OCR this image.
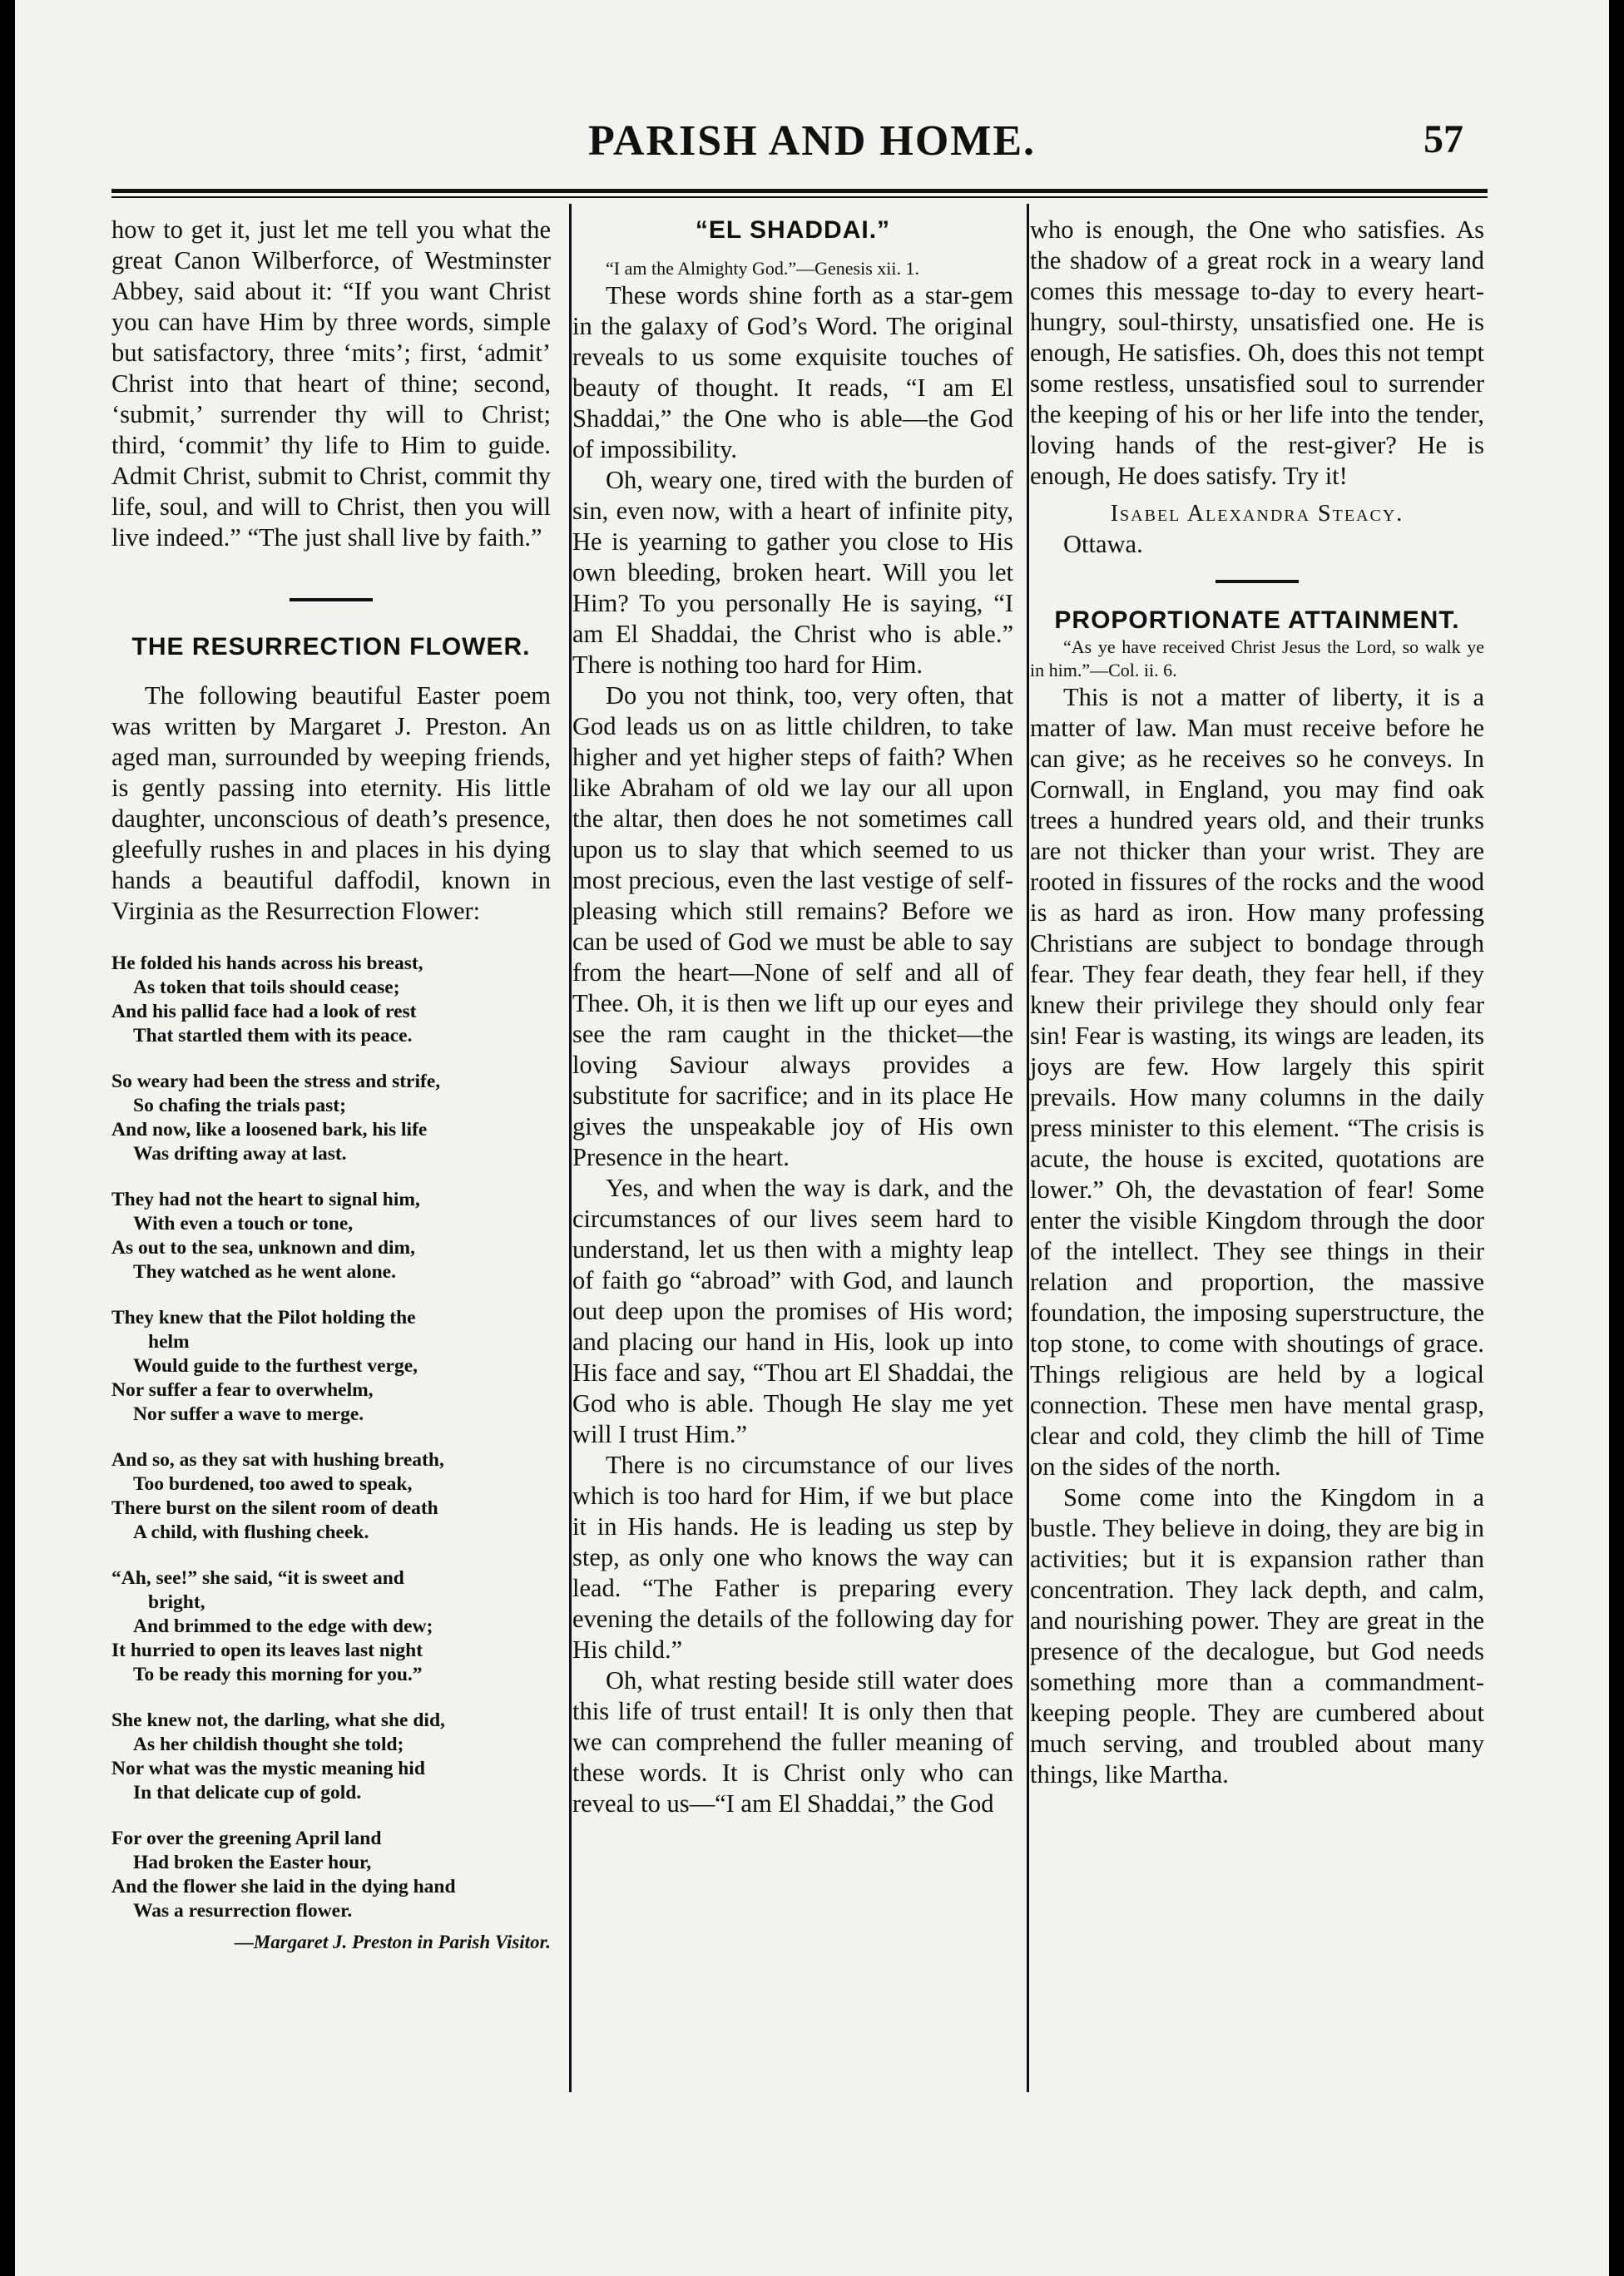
PARISH AND HOME.	57

how to get it, just let me tell you what the great Canon Wilberforce, of Westminster Abbey, said about it: “If you want Christ you can have Him by three words, simple but satisfactory, three ‘mits’; first, ‘admit’ Christ into that heart of thine; second, ‘submit,’ surrender thy will to Christ; third, ‘commit’ thy life to Him to guide. Admit Christ, submit to Christ, commit thy life, soul, and will to Christ, then you will live indeed.” “The just shall live by faith.”

THE RESURRECTION FLOWER.

The following beautiful Easter poem was written by Margaret J. Preston. An aged man, surrounded by weeping friends, is gently passing into eternity. His little daughter, unconscious of death’s presence, gleefully rushes in and places in his dying hands a beautiful daffodil, known in Virginia as the Resurrection Flower:

He folded his hands across his breast,
As token that toils should cease;
And his pallid face had a look of rest
That startled them with its peace.
So weary had been the stress and strife,
So chafing the trials past;
And now, like a loosened bark, his life
Was drifting away at last.
They had not the heart to signal him,
With even a touch or tone,
As out to the sea, unknown and dim,
They watched as he went alone.
They knew that the Pilot holding the
helm
Would guide to the furthest verge,
Nor suffer a fear to overwhelm,
Nor suffer a wave to merge.
And so, as they sat with hushing breath,
Too burdened, too awed to speak,
There burst on the silent room of death
A child, with flushing cheek.
“Ah, see!” she said, “it is sweet and
bright,
And brimmed to the edge with dew;
It hurried to open its leaves last night
To be ready this morning for you.”
She knew not, the darling, what she did,
As her childish thought she told;
Nor what was the mystic meaning hid
In that delicate cup of gold.
For over the greening April land
Had broken the Easter hour,
And the flower she laid in the dying hand
Was a resurrection flower.
—Margaret J. Preston in Parish Visitor.
“EL SHADDAI.”

“I am the Almighty God.”—Genesis xii. 1.

These words shine forth as a star-gem in the galaxy of God’s Word. The original reveals to us some exquisite touches of beauty of thought. It reads, “I am El Shaddai,” the One who is able—the God of impossibility.

Oh, weary one, tired with the burden of sin, even now, with a heart of infinite pity, He is yearning to gather you close to His own bleeding, broken heart. Will you let Him? To you personally He is saying, “I am El Shaddai, the Christ who is able.” There is nothing too hard for Him.

Do you not think, too, very often, that God leads us on as little children, to take higher and yet higher steps of faith? When like Abraham of old we lay our all upon the altar, then does he not sometimes call upon us to slay that which seemed to us most precious, even the last vestige of self-pleasing which still remains? Before we can be used of God we must be able to say from the heart—None of self and all of Thee. Oh, it is then we lift up our eyes and see the ram caught in the thicket—the loving Saviour always provides a substitute for sacrifice; and in its place He gives the unspeakable joy of His own Presence in the heart.

Yes, and when the way is dark, and the circumstances of our lives seem hard to understand, let us then with a mighty leap of faith go “abroad” with God, and launch out deep upon the promises of His word; and placing our hand in His, look up into His face and say, “Thou art El Shaddai, the God who is able. Though He slay me yet will I trust Him.”

There is no circumstance of our lives which is too hard for Him, if we but place it in His hands. He is leading us step by step, as only one who knows the way can lead. “The Father is preparing every evening the details of the following day for His child.”

Oh, what resting beside still water does this life of trust entail! It is only then that we can comprehend the fuller meaning of these words. It is Christ only who can reveal to us—“I am El Shaddai,” the God

who is enough, the One who satisfies. As the shadow of a great rock in a weary land comes this message to-day to every heart-hungry, soul-thirsty, unsatisfied one. He is enough, He satisfies. Oh, does this not tempt some restless, unsatisfied soul to surrender the keeping of his or her life into the tender, loving hands of the rest-giver? He is enough, He does satisfy. Try it!

Isabel Alexandra Steacy.
Ottawa.
PROPORTIONATE ATTAINMENT.

“As ye have received Christ Jesus the Lord, so walk ye in him.”—Col. ii. 6.

This is not a matter of liberty, it is a matter of law. Man must receive before he can give; as he receives so he conveys. In Cornwall, in England, you may find oak trees a hundred years old, and their trunks are not thicker than your wrist. They are rooted in fissures of the rocks and the wood is as hard as iron. How many professing Christians are subject to bondage through fear. They fear death, they fear hell, if they knew their privilege they should only fear sin! Fear is wasting, its wings are leaden, its joys are few. How largely this spirit prevails. How many columns in the daily press minister to this element. “The crisis is acute, the house is excited, quotations are lower.” Oh, the devastation of fear! Some enter the visible Kingdom through the door of the intellect. They see things in their relation and proportion, the massive foundation, the imposing superstructure, the top stone, to come with shoutings of grace. Things religious are held by a logical connection. These men have mental grasp, clear and cold, they climb the hill of Time on the sides of the north.

Some come into the Kingdom in a bustle. They believe in doing, they are big in activities; but it is expansion rather than concentration. They lack depth, and calm, and nourishing power. They are great in the presence of the decalogue, but God needs something more than a commandment-keeping people. They are cumbered about much serving, and troubled about many things, like Martha.
